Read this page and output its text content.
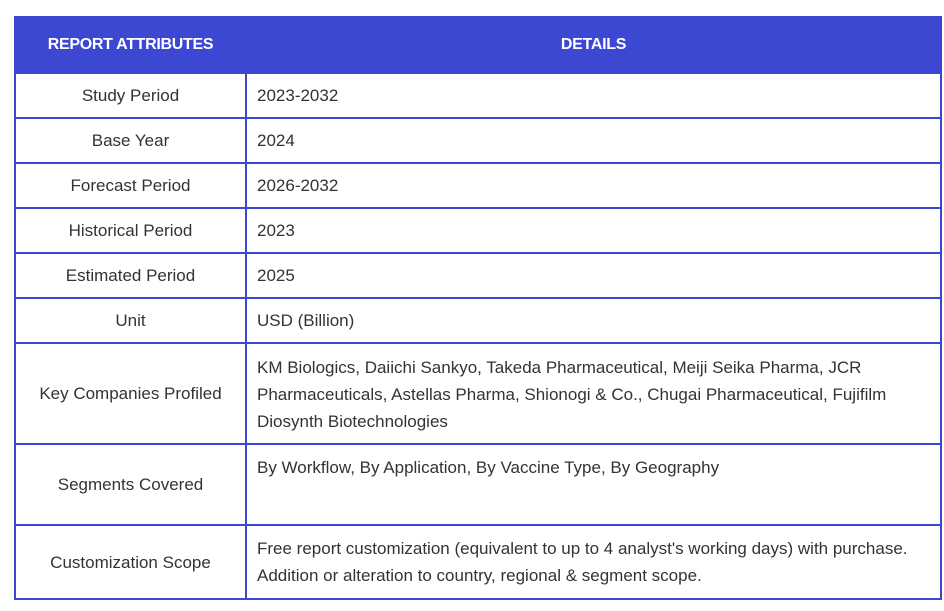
REPORT ATTRIBUTES	DETAILS
Study Period	2023-2032
Base Year	2024
Forecast Period	2026-2032
Historical Period	2023
Estimated Period	2025
Unit	USD (Billion)
Key Companies Profiled	KM Biologics, Daiichi Sankyo, Takeda Pharmaceutical, Meiji Seika Pharma, JCR Pharmaceuticals, Astellas Pharma, Shionogi & Co., Chugai Pharmaceutical, Fujifilm Diosynth Biotechnologies
Segments Covered	By Workflow, By Application, By Vaccine Type, By Geography
Customization Scope	Free report customization (equivalent to up to 4 analyst's working days) with purchase. Addition or alteration to country, regional & segment scope.
